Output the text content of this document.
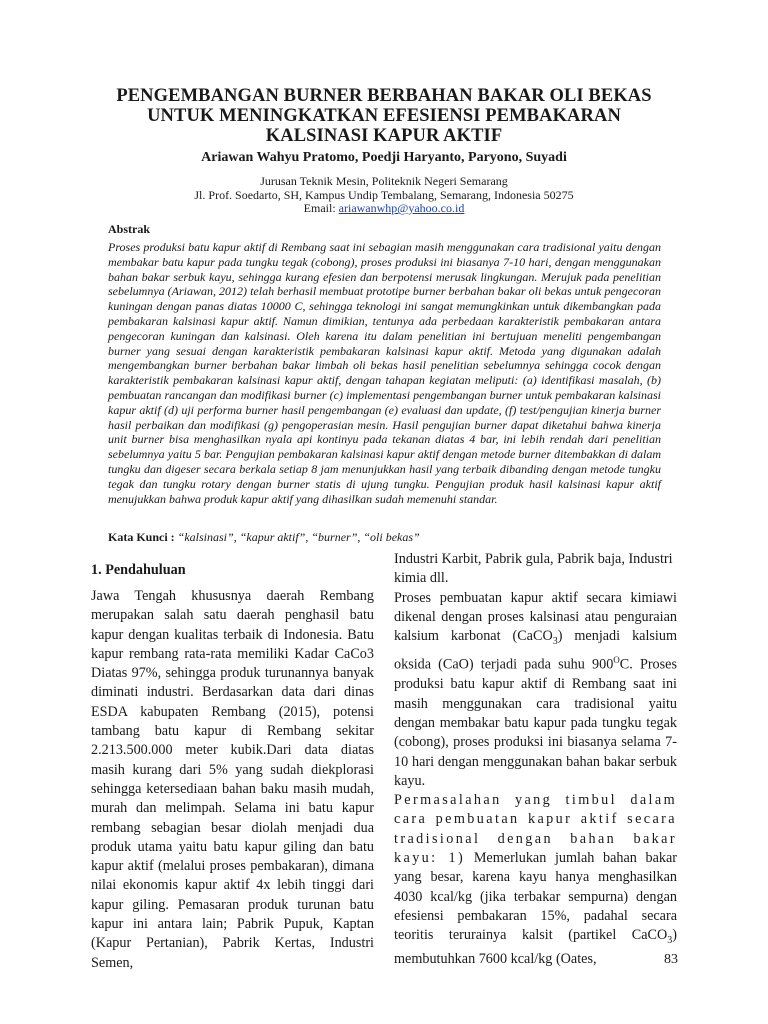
PENGEMBANGAN BURNER BERBAHAN BAKAR OLI BEKAS
UNTUK MENINGKATKAN EFESIENSI PEMBAKARAN
KALSINASI KAPUR AKTIF
Ariawan Wahyu Pratomo, Poedji Haryanto, Paryono, Suyadi
Jurusan Teknik Mesin, Politeknik Negeri Semarang
Jl. Prof. Soedarto, SH, Kampus Undip Tembalang, Semarang, Indonesia 50275
Email: ariawanwhp@yahoo.co.id
Abstrak
Proses produksi batu kapur aktif di Rembang saat ini sebagian masih menggunakan cara tradisional yaitu dengan membakar batu kapur pada tungku tegak (cobong), proses produksi ini biasanya 7-10 hari, dengan menggunakan bahan bakar serbuk kayu, sehingga kurang efesien dan berpotensi merusak lingkungan. Merujuk pada penelitian sebelumnya (Ariawan, 2012) telah berhasil membuat prototipe burner berbahan bakar oli bekas untuk pengecoran kuningan dengan panas diatas 10000 C, sehingga teknologi ini sangat memungkinkan untuk dikembangkan pada pembakaran kalsinasi kapur aktif. Namun dimikian, tentunya ada perbedaan karakteristik pembakaran antara pengecoran kuningan dan kalsinasi. Oleh karena itu dalam penelitian ini bertujuan meneliti pengembangan burner yang sesuai dengan karakteristik pembakaran kalsinasi kapur aktif. Metoda yang digunakan adalah mengembangkan burner berbahan bakar limbah oli bekas hasil penelitian sebelumnya sehingga cocok dengan karakteristik pembakaran kalsinasi kapur aktif, dengan tahapan kegiatan meliputi: (a) identifikasi masalah, (b) pembuatan rancangan dan modifikasi burner (c) implementasi pengembangan burner untuk pembakaran kalsinasi kapur aktif (d) uji performa burner hasil pengembangan (e) evaluasi dan update, (f) test/pengujian kinerja burner hasil perbaikan dan modifikasi (g) pengoperasian mesin. Hasil pengujian burner dapat diketahui bahwa kinerja unit burner bisa menghasilkan nyala api kontinyu pada tekanan diatas 4 bar, ini lebih rendah dari penelitian sebelumnya yaitu 5 bar. Pengujian pembakaran kalsinasi kapur aktif dengan metode burner ditembakkan di dalam tungku dan digeser secara berkala setiap 8 jam menunjukkan hasil yang terbaik dibanding dengan metode tungku tegak dan tungku rotary dengan burner statis di ujung tungku. Pengujian produk hasil kalsinasi kapur aktif menujukkan bahwa produk kapur aktif yang dihasilkan sudah memenuhi standar.
Kata Kunci : “kalsinasi”, “kapur aktif”, “burner”, “oli bekas”
1. Pendahuluan

Jawa Tengah khususnya daerah Rembang merupakan salah satu daerah penghasil batu kapur dengan kualitas terbaik di Indonesia. Batu kapur rembang rata-rata memiliki Kadar CaCo3 Diatas 97%, sehingga produk turunannya banyak diminati industri. Berdasarkan data dari dinas ESDA kabupaten Rembang (2015), potensi tambang batu kapur di Rembang sekitar 2.213.500.000 meter kubik.Dari data diatas masih kurang dari 5% yang sudah diekplorasi sehingga ketersediaan bahan baku masih mudah, murah dan melimpah. Selama ini batu kapur rembang sebagian besar diolah menjadi dua produk utama yaitu batu kapur giling dan batu kapur aktif (melalui proses pembakaran), dimana nilai ekonomis kapur aktif 4x lebih tinggi dari kapur giling. Pemasaran produk turunan batu kapur ini antara lain; Pabrik Pupuk, Kaptan (Kapur Pertanian), Pabrik Kertas, Industri Semen,

Industri Karbit, Pabrik gula, Pabrik baja, Industri kimia dll.

Proses pembuatan kapur aktif secara kimiawi dikenal dengan proses kalsinasi atau penguraian kalsium karbonat (CaCO$_3$) menjadi kalsium oksida (CaO) terjadi pada suhu $900^OC$. Proses produksi batu kapur aktif di Rembang saat ini masih menggunakan cara tradisional yaitu dengan membakar batu kapur pada tungku tegak (cobong), proses produksi ini biasanya selama 7-10 hari dengan menggunakan bahan bakar serbuk kayu.

Permasalahan yang timbul dalam cara pembuatan kapur aktif secara tradisional dengan bahan bakar kayu: 1) Memerlukan jumlah bahan bakar yang besar, karena kayu hanya menghasilkan 4030 kcal/kg (jika terbakar sempurna) dengan efesiensi pembakaran 15%, padahal secara teoritis terurainya kalsit (partikel CaCO$_3$) membutuhkan 7600 kcal/kg (Oates,	83
